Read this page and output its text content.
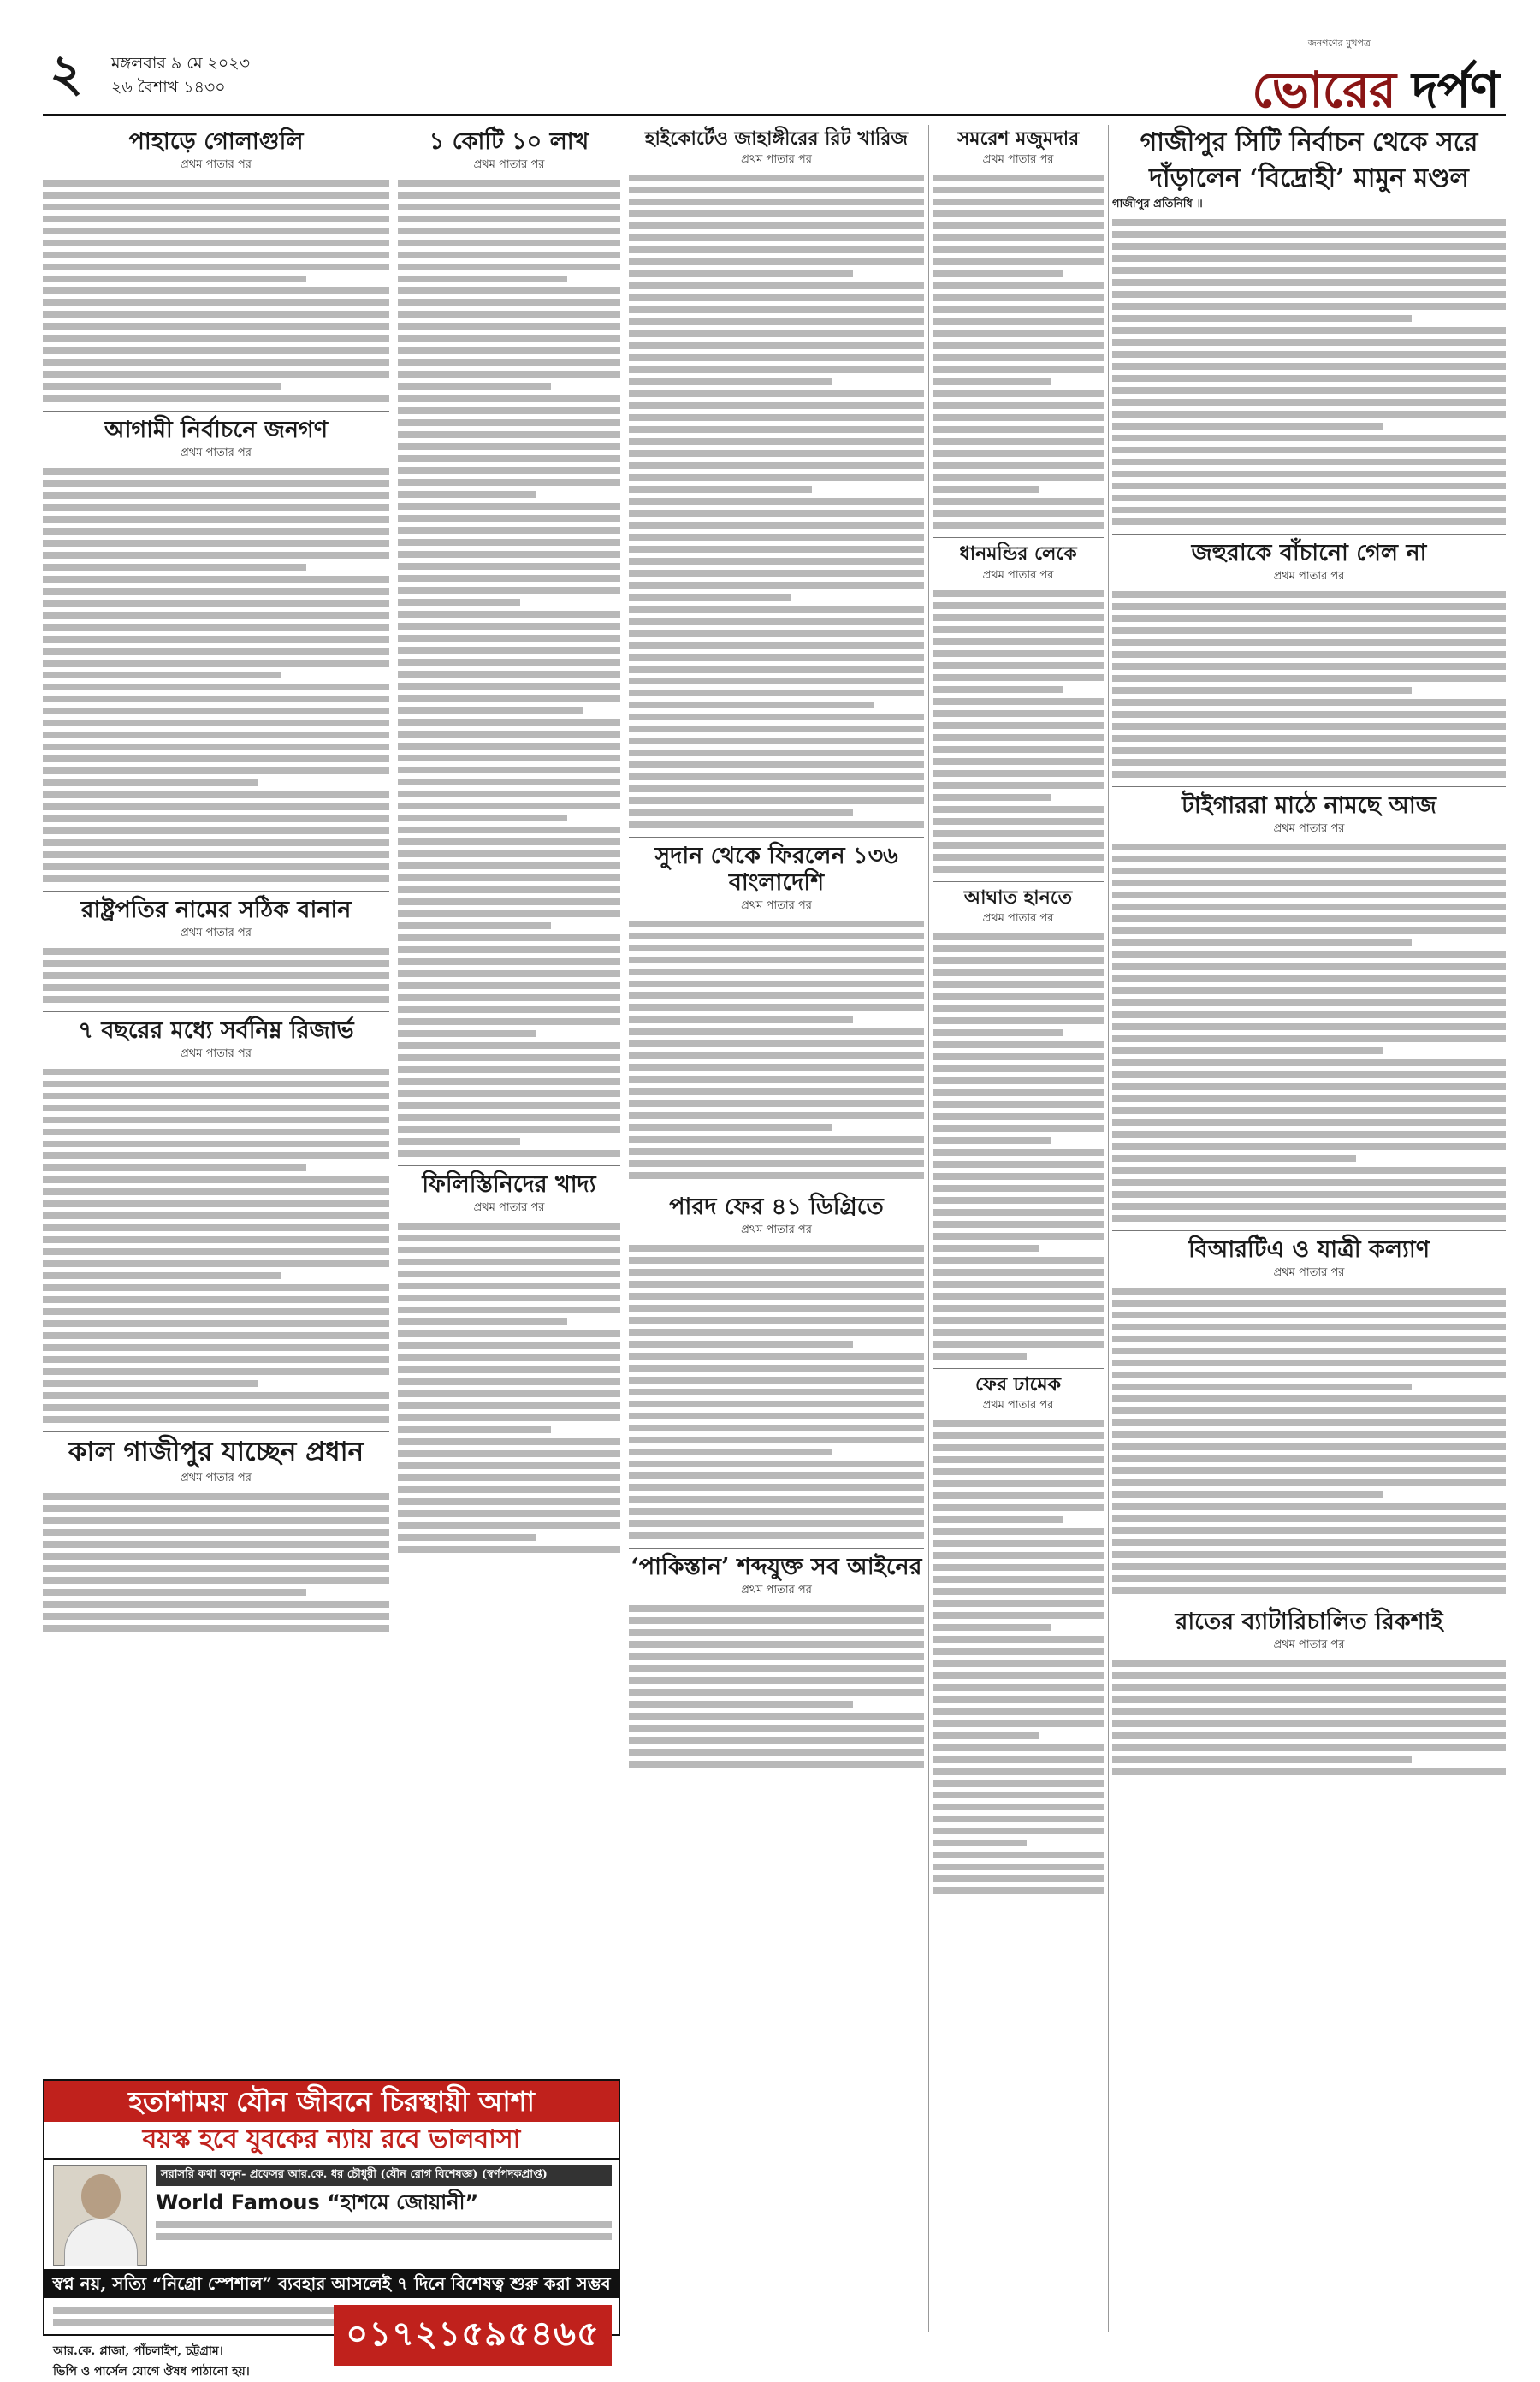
২ মঙ্গলবার ৯ মে ২০২৩
২৬ বৈশাখ ১৪৩০
জনগণের মুখপত্র
ভোরের দর্পণ
পাহাড়ে গোলাগুলি
প্রথম পাতার পর
আগামী নির্বাচনে জনগণ
প্রথম পাতার পর
রাষ্ট্রপতির নামের সঠিক বানান
প্রথম পাতার পর
৭ বছরের মধ্যে সর্বনিম্ন রিজার্ভ
প্রথম পাতার পর
কাল গাজীপুর যাচ্ছেন প্রধান
প্রথম পাতার পর
১ কোটি ১০ লাখ
প্রথম পাতার পর
ফিলিস্তিনিদের খাদ্য
প্রথম পাতার পর
হাইকোর্টেও জাহাঙ্গীরের রিট খারিজ
প্রথম পাতার পর
সুদান থেকে ফিরলেন ১৩৬ বাংলাদেশি
প্রথম পাতার পর
পারদ ফের ৪১ ডিগ্রিতে
প্রথম পাতার পর
‘পাকিস্তান’ শব্দযুক্ত সব আইনের
প্রথম পাতার পর
সমরেশ মজুমদার
প্রথম পাতার পর
ধানমন্ডির লেকে
প্রথম পাতার পর
আঘাত হানতে
প্রথম পাতার পর
ফের ঢামেক
প্রথম পাতার পর
গাজীপুর সিটি নির্বাচন থেকে সরে
দাঁড়ালেন ‘বিদ্রোহী’ মামুন মণ্ডল
গাজীপুর প্রতিনিধি ॥
জহুরাকে বাঁচানো গেল না
প্রথম পাতার পর
টাইগাররা মাঠে নামছে আজ
প্রথম পাতার পর
বিআরটিএ ও যাত্রী কল্যাণ
প্রথম পাতার পর
রাতের ব্যাটারিচালিত রিকশাই
প্রথম পাতার পর
হতাশাময় যৌন জীবনে চিরস্থায়ী আশা
বয়স্ক হবে যুবকের ন্যায় রবে ভালবাসা
সরাসরি কথা বলুন- প্রফেসর আর.কে. ধর চৌধুরী (যৌন রোগ বিশেষজ্ঞ) (স্বর্ণপদকপ্রাপ্ত)
World Famous “হাশমে জোয়ানী”
স্বপ্ন নয়, সত্যি “নিগ্রো স্পেশাল” ব্যবহার আসলেই ৭ দিনে বিশেষত্ব শুরু করা সম্ভব
আর.কে. প্লাজা, পাঁচলাইশ, চট্টগ্রাম।
ভিপি ও পার্সেল যোগে ঔষধ পাঠানো হয়।
০১৭২১৫৯৫৪৬৫
